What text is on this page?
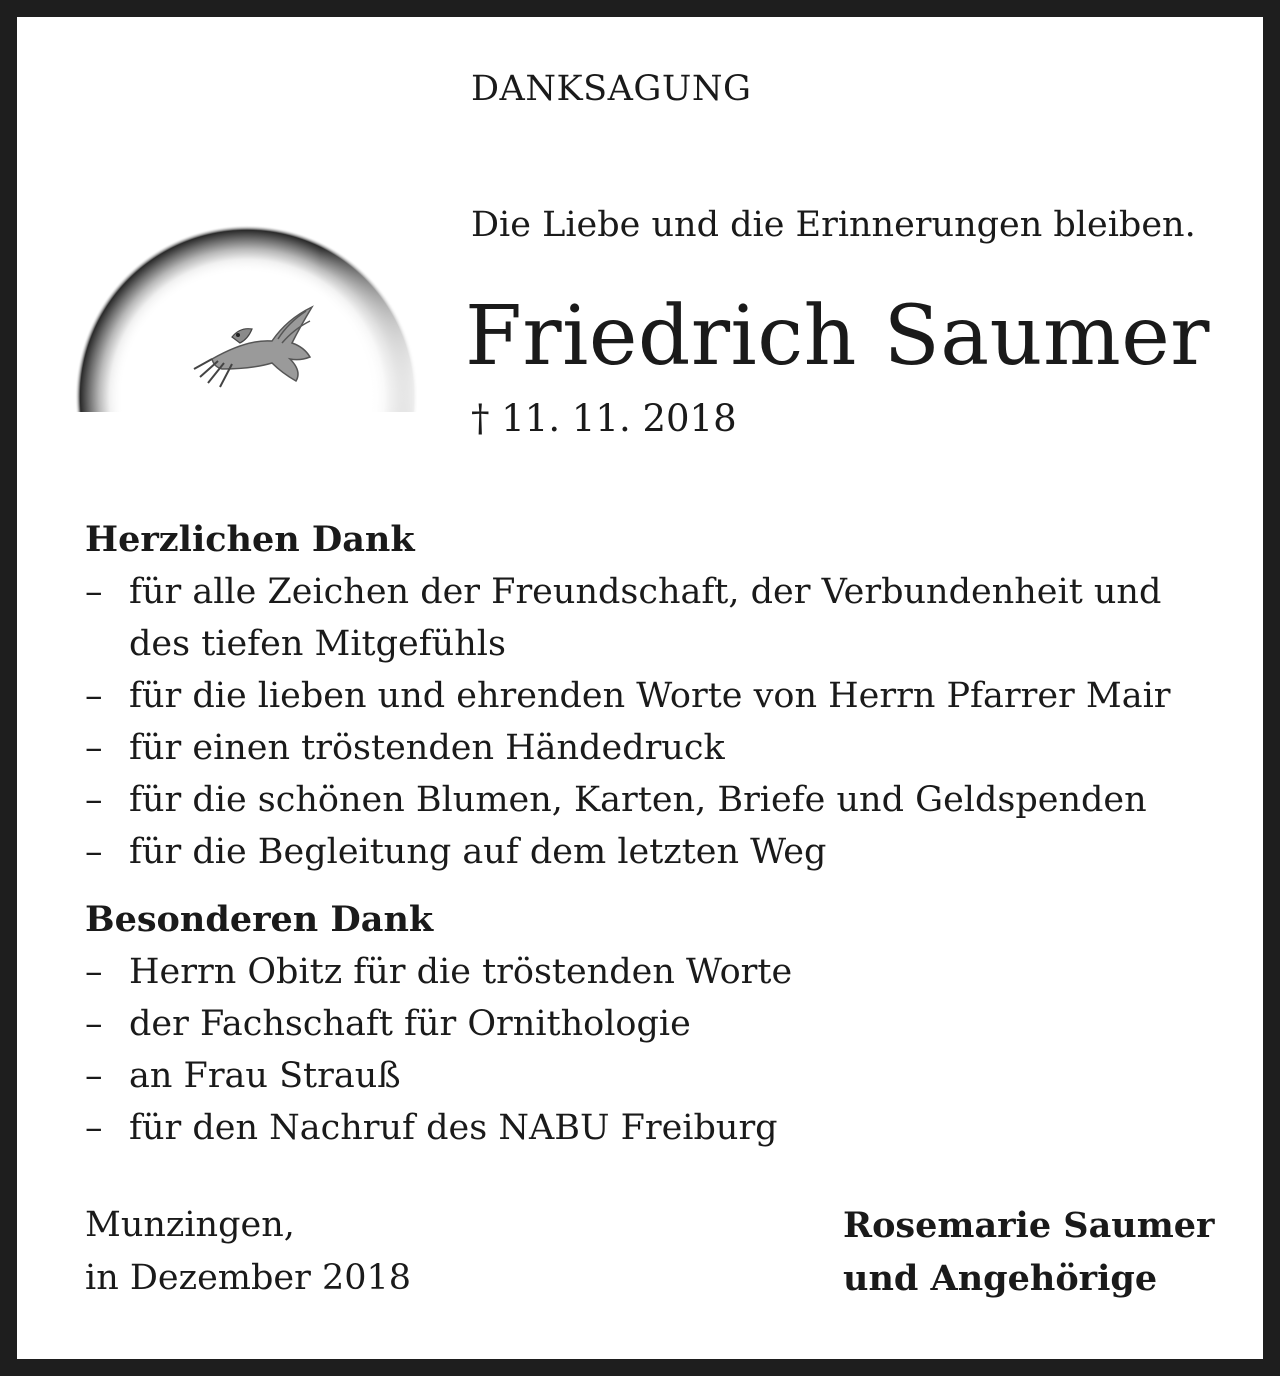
DANKSAGUNG
Die Liebe und die Erinnerungen bleiben.
Friedrich Saumer
† 11. 11. 2018
Herzlichen Dank
– für alle Zeichen der Freundschaft, der Verbundenheit und
des tiefen Mitgefühls
– für die lieben und ehrenden Worte von Herrn Pfarrer Mair
– für einen tröstenden Händedruck
– für die schönen Blumen, Karten, Briefe und Geldspenden
– für die Begleitung auf dem letzten Weg
Besonderen Dank
– Herrn Obitz für die tröstenden Worte
– der Fachschaft für Ornithologie
– an Frau Strauß
– für den Nachruf des NABU Freiburg
Munzingen,
in Dezember 2018
Rosemarie Saumer
und Angehörige
